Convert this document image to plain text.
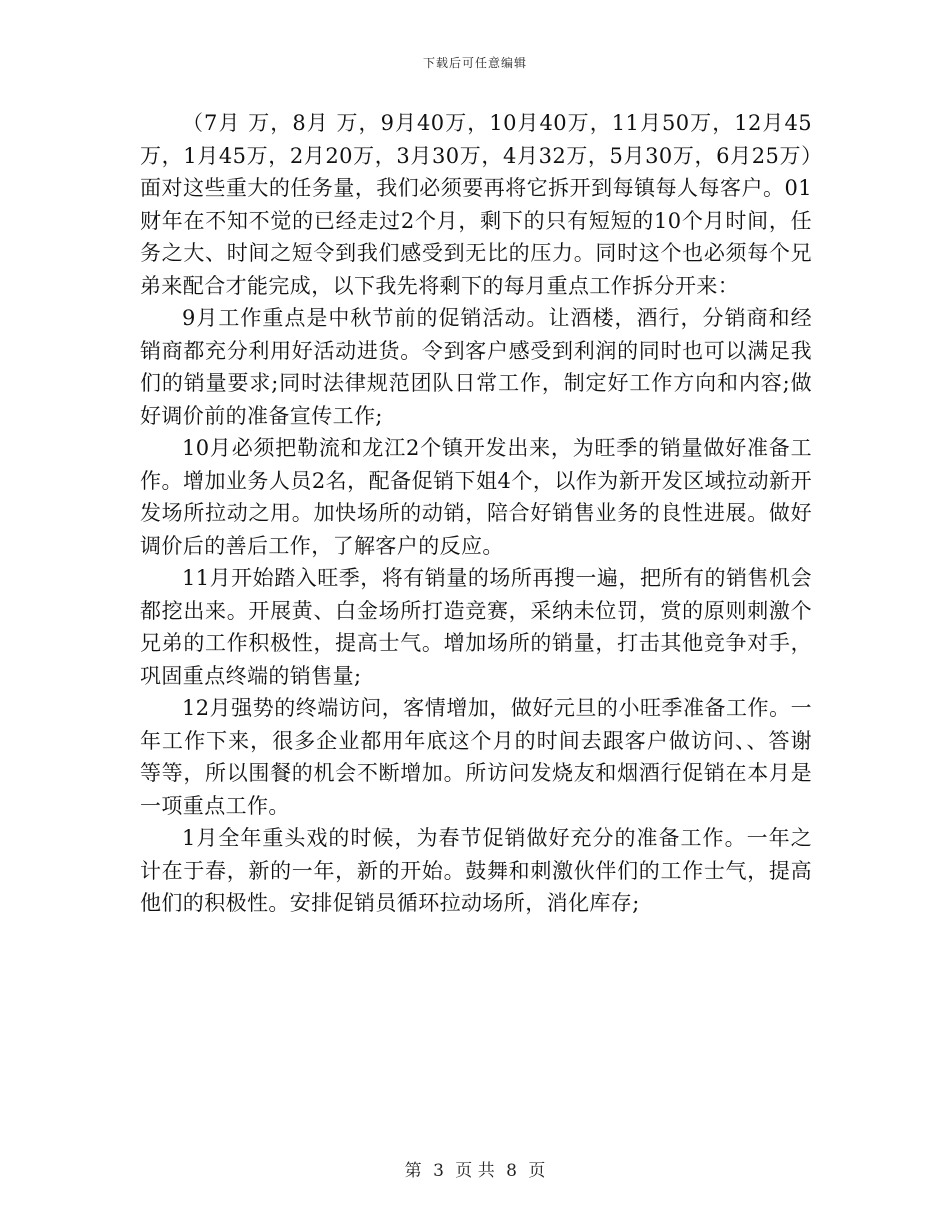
下载后可任意编辑

（7月 万，8月 万，9月40万，10月40万，11月50万，12月45万，1月45万，2月20万，3月30万，4月32万，5月30万，6月25万）面对这些重大的任务量，我们必须要再将它拆开到每镇每人每客户。01财年在不知不觉的已经走过2个月，剩下的只有短短的10个月时间，任务之大、时间之短令到我们感受到无比的压力。同时这个也必须每个兄弟来配合才能完成，以下我先将剩下的每月重点工作拆分开来：

9月工作重点是中秋节前的促销活动。让酒楼，酒行，分销商和经销商都充分利用好活动进货。令到客户感受到利润的同时也可以满足我们的销量要求;同时法律规范团队日常工作，制定好工作方向和内容;做好调价前的准备宣传工作;

10月必须把勒流和龙江2个镇开发出来，为旺季的销量做好准备工作。增加业务人员2名，配备促销下姐4个，以作为新开发区域拉动新开发场所拉动之用。加快场所的动销，陪合好销售业务的良性进展。做好调价后的善后工作，了解客户的反应。

11月开始踏入旺季，将有销量的场所再搜一遍，把所有的销售机会都挖出来。开展黄、白金场所打造竞赛，采纳未位罚，赏的原则刺激个兄弟的工作积极性，提高士气。增加场所的销量，打击其他竞争对手，巩固重点终端的销售量;

12月强势的终端访问，客情增加，做好元旦的小旺季准备工作。一年工作下来，很多企业都用年底这个月的时间去跟客户做访问、、答谢等等，所以围餐的机会不断增加。所访问发烧友和烟酒行促销在本月是一项重点工作。

1月全年重头戏的时候，为春节促销做好充分的准备工作。一年之计在于春，新的一年，新的开始。鼓舞和刺激伙伴们的工作士气，提高他们的积极性。安排促销员循环拉动场所，消化库存;

第 3 页 共 8 页
